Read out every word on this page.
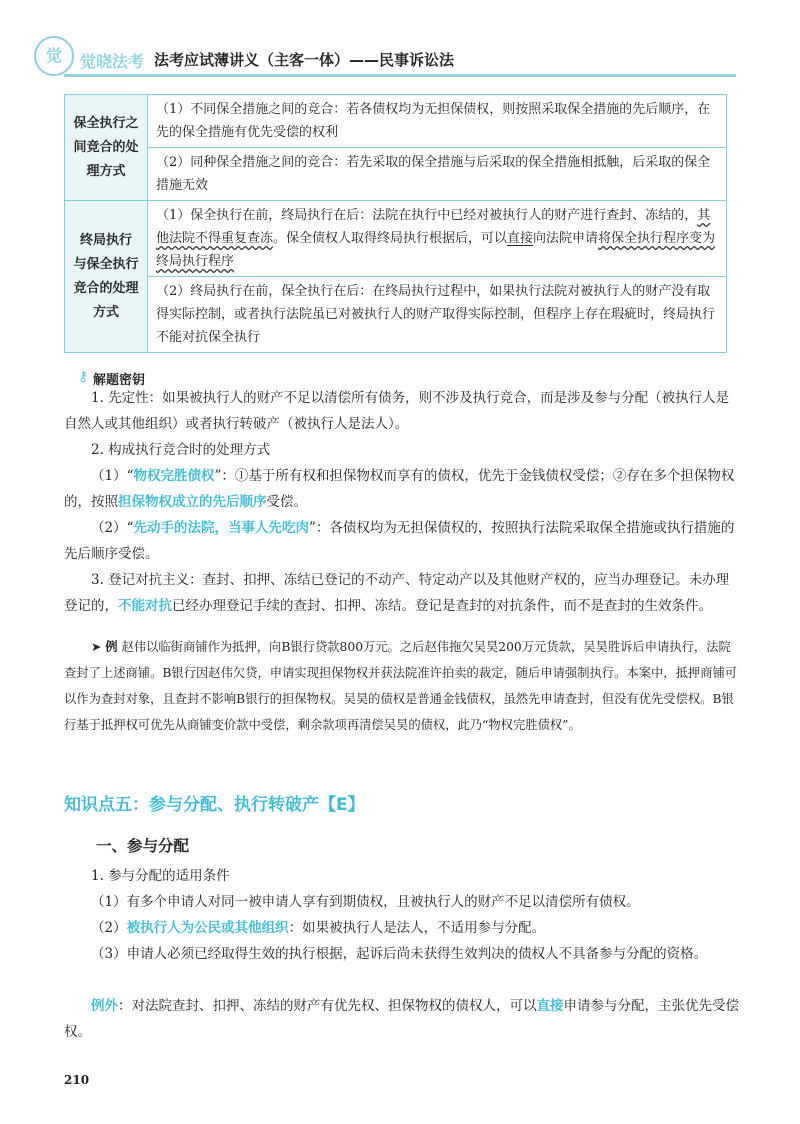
觉	觉晓法考 法考应试薄讲义（主客一体）——民事诉讼法
保全执行之
间竞合的处
理方式	（1）不同保全措施之间的竞合：若各债权均为无担保债权，则按照采取保全措施的先后顺序，在先的保全措施有优先受偿的权利
	（2）同种保全措施之间的竞合：若先采取的保全措施与后采取的保全措施相抵触，后采取的保全措施无效

终局执行
与保全执行
竞合的处理
方式	（1）保全执行在前，终局执行在后：法院在执行中已经对被执行人的财产进行查封、冻结的，其他法院不得重复查冻。保全债权人取得终局执行根据后，可以直接向法院申请将保全执行程序变为终局执行程序
	（2）终局执行在前，保全执行在后：在终局执行过程中，如果执行法院对被执行人的财产没有取得实际控制，或者执行法院虽已对被执行人的财产取得实际控制，但程序上存在瑕疵时，终局执行不能对抗保全执行
⚷ 解题密钥
1. 先定性：如果被执行人的财产不足以清偿所有债务，则不涉及执行竞合，而是涉及参与分配（被执行人是自然人或其他组织）或者执行转破产（被执行人是法人）。
2. 构成执行竞合时的处理方式
（1）“物权完胜债权”：①基于所有权和担保物权而享有的债权，优先于金钱债权受偿；②存在多个担保物权的，按照担保物权成立的先后顺序受偿。
（2）“先动手的法院，当事人先吃肉”：各债权均为无担保债权的，按照执行法院采取保全措施或执行措施的先后顺序受偿。
3. 登记对抗主义：查封、扣押、冻结已登记的不动产、特定动产以及其他财产权的，应当办理登记。未办理登记的，不能对抗已经办理登记手续的查封、扣押、冻结。登记是查封的对抗条件，而不是查封的生效条件。
➤ 例 赵伟以临街商铺作为抵押，向B银行贷款800万元。之后赵伟拖欠吴昊200万元货款，吴昊胜诉后申请执行，法院查封了上述商铺。B银行因赵伟欠贷，申请实现担保物权并获法院准许拍卖的裁定，随后申请强制执行。本案中，抵押商铺可以作为查封对象，且查封不影响B银行的担保物权。吴昊的债权是普通金钱债权，虽然先申请查封，但没有优先受偿权。B银行基于抵押权可优先从商铺变价款中受偿，剩余款项再清偿吴昊的债权，此乃“物权完胜债权”。
知识点五：参与分配、执行转破产【E】
一、参与分配
1. 参与分配的适用条件
（1）有多个申请人对同一被申请人享有到期债权，且被执行人的财产不足以清偿所有债权。
（2）被执行人为公民或其他组织：如果被执行人是法人，不适用参与分配。
（3）申请人必须已经取得生效的执行根据，起诉后尚未获得生效判决的债权人不具备参与分配的资格。
例外：对法院查封、扣押、冻结的财产有优先权、担保物权的债权人，可以直接申请参与分配，主张优先受偿权。
210
